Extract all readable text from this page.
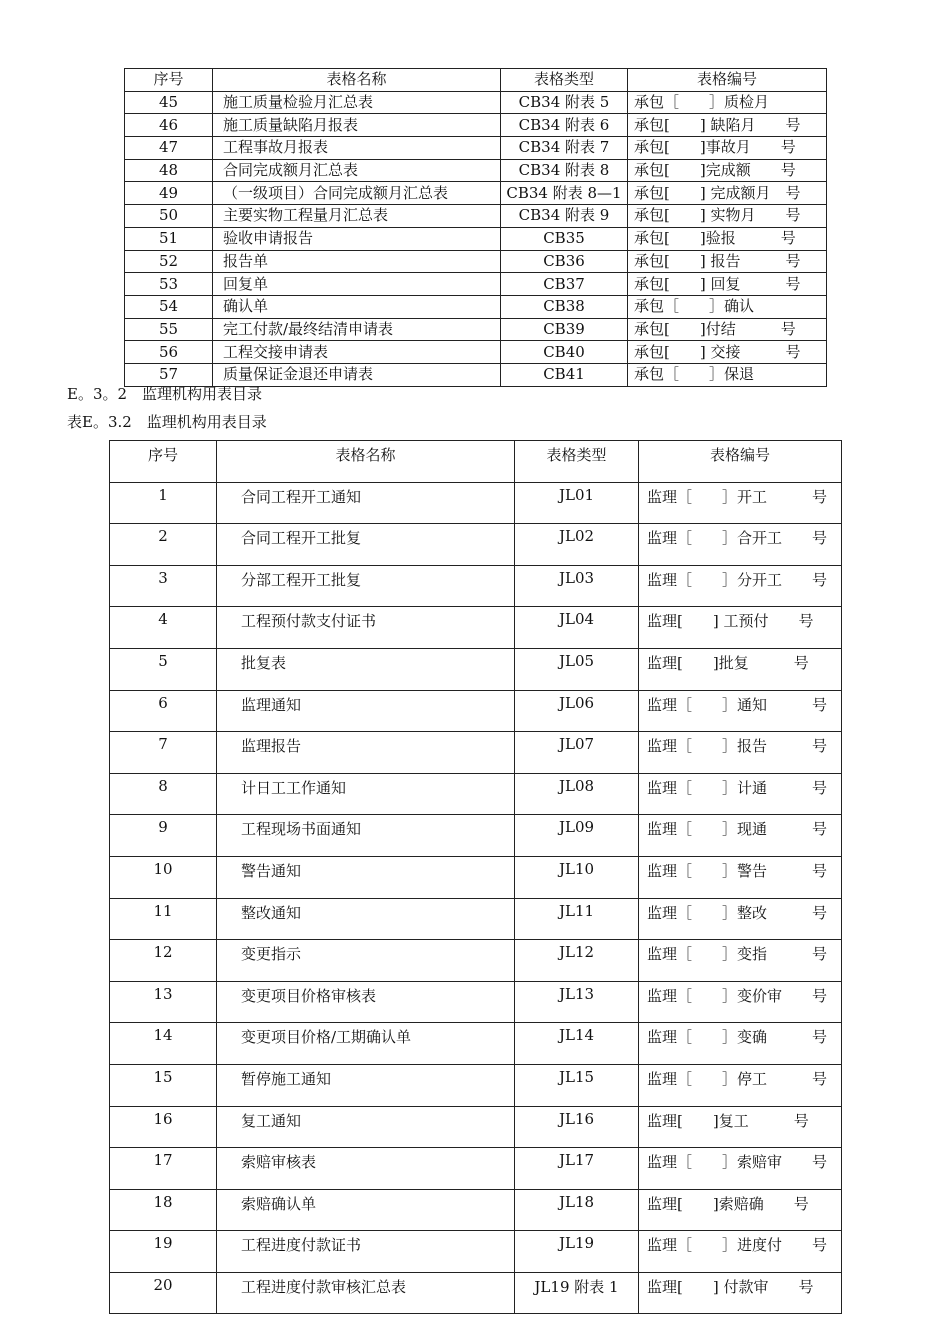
序号	表格名称	表格类型	表格编号
45	施工质量检验月汇总表	CB34 附表 5	承包［　　］质检月
46	施工质量缺陷月报表	CB34 附表 6	承包[　　] 缺陷月　　号
47	工程事故月报表	CB34 附表 7	承包[　　]事故月　　号
48	合同完成额月汇总表	CB34 附表 8	承包[　　]完成额　　号
49	（一级项目）合同完成额月汇总表	CB34 附表 8—1	承包[　　] 完成额月　号
50	主要实物工程量月汇总表	CB34 附表 9	承包[　　] 实物月　　号
51	验收申请报告	CB35	承包[　　]验报　　　号
52	报告单	CB36	承包[　　] 报告　　　号
53	回复单	CB37	承包[　　] 回复　　　号
54	确认单	CB38	承包［　　］确认
55	完工付款/最终结清申请表	CB39	承包[　　]付结　　　号
56	工程交接申请表	CB40	承包[　　] 交接　　　号
57	质量保证金退还申请表	CB41	承包［　　］保退
E。3。2　监理机构用表目录
表E。3.2　监理机构用表目录
序号	表格名称	表格类型	表格编号
1	合同工程开工通知	JL01	监理［　　］开工　　　号
2	合同工程开工批复	JL02	监理［　　］合开工　　号
3	分部工程开工批复	JL03	监理［　　］分开工　　号
4	工程预付款支付证书	JL04	监理[　　] 工预付　　号
5	批复表	JL05	监理[　　]批复　　　号
6	监理通知	JL06	监理［　　］通知　　　号
7	监理报告	JL07	监理［　　］报告　　　号
8	计日工工作通知	JL08	监理［　　］计通　　　号
9	工程现场书面通知	JL09	监理［　　］现通　　　号
10	警告通知	JL10	监理［　　］警告　　　号
11	整改通知	JL11	监理［　　］整改　　　号
12	变更指示	JL12	监理［　　］变指　　　号
13	变更项目价格审核表	JL13	监理［　　］变价审　　号
14	变更项目价格/工期确认单	JL14	监理［　　］变确　　　号
15	暂停施工通知	JL15	监理［　　］停工　　　号
16	复工通知	JL16	监理[　　]复工　　　号
17	索赔审核表	JL17	监理［　　］索赔审　　号
18	索赔确认单	JL18	监理[　　]索赔确　　号
19	工程进度付款证书	JL19	监理［　　］进度付　　号
20	工程进度付款审核汇总表	JL19 附表 1	监理[　　] 付款审　　号
